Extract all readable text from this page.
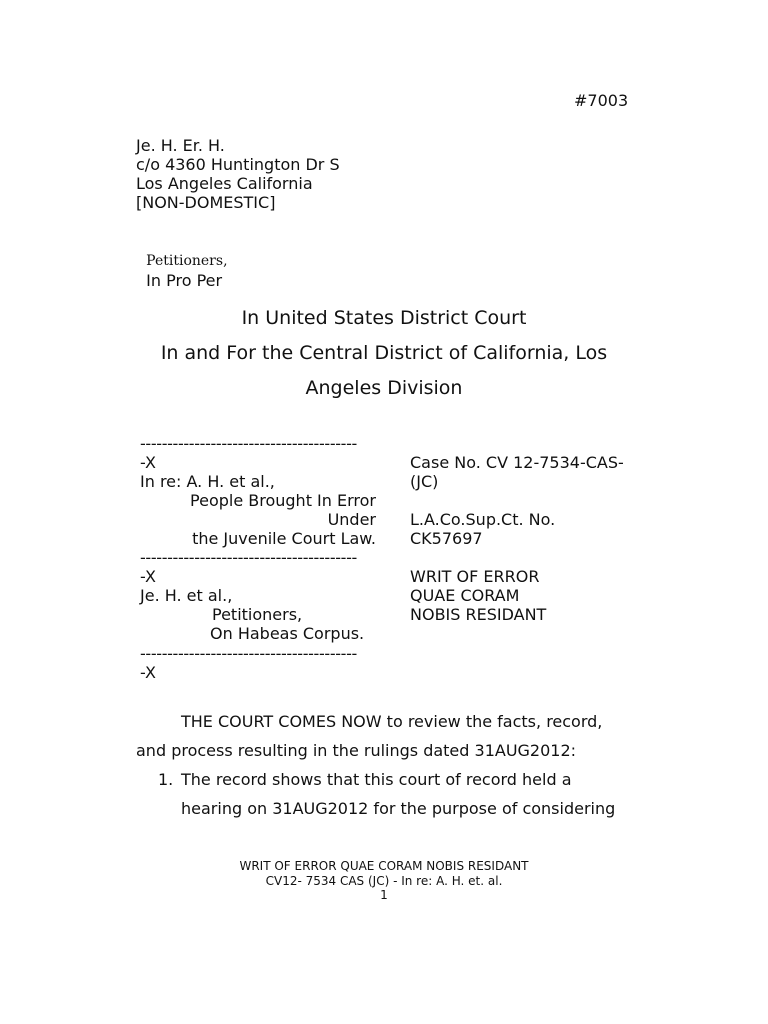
#7003
Je. H. Er. H.
c/o 4360 Huntington Dr S
Los Angeles California
[NON-DOMESTIC]

Petitioners,
In Pro Per

In United States District Court
In and For the Central District of California, Los
Angeles Division
----------------------------------------
-X
In re: A. H. et al.,
People Brought In Error
Under
the Juvenile Court Law.
----------------------------------------
-X
Je. H. et al.,
Petitioners,
On Habeas Corpus.
----------------------------------------
-X
Case No. CV 12-7534-CAS-
(JC)
L.A.Co.Sup.Ct. No.
CK57697
WRIT OF ERROR
QUAE CORAM
NOBIS RESIDANT
THE COURT COMES NOW to review the facts, record,
and process resulting in the rulings dated 31AUG2012:
1. The record shows that this court of record held a
hearing on 31AUG2012 for the purpose of considering
WRIT OF ERROR QUAE CORAM NOBIS RESIDANT
CV12- 7534 CAS (JC) - In re: A. H. et. al.
1
